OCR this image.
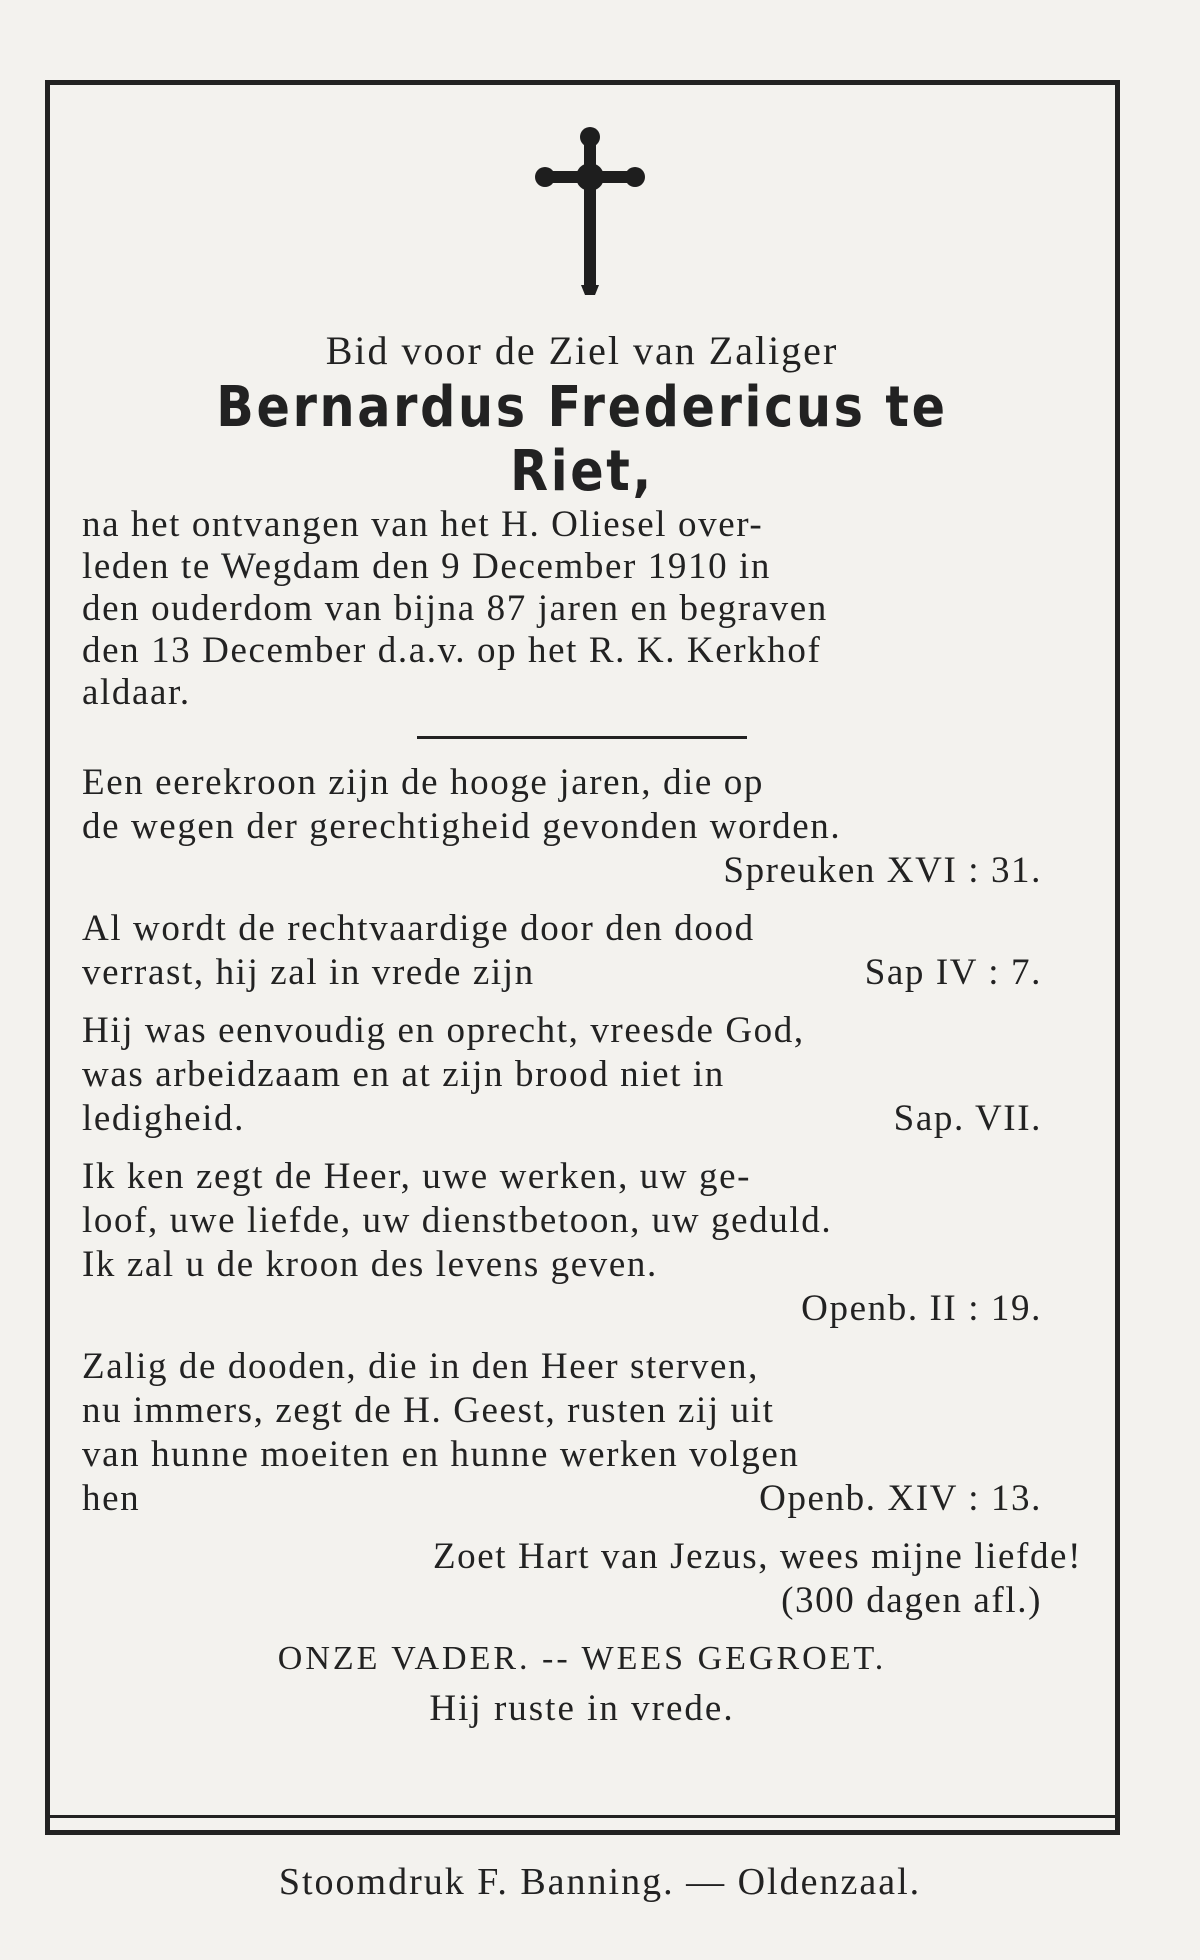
Bid voor de Ziel van Zaliger

Bernardus Fredericus te Riet,

na het ontvangen van het H. Oliesel over-
leden te Wegdam den 9 December 1910 in
den ouderdom van bijna 87 jaren en begraven
den 13 December d.a.v. op het R. K. Kerkhof
aldaar.
Een eerekroon zijn de hooge jaren, die op
de wegen der gerechtigheid gevonden worden.
Spreuken XVI : 31.
Al wordt de rechtvaardige door den dood
verrast, hij zal in vrede zijn	Sap IV : 7.
Hij was eenvoudig en oprecht, vreesde God,
was arbeidzaam en at zijn brood niet in
ledigheid.	Sap. VII.
Ik ken zegt de Heer, uwe werken, uw ge-
loof, uwe liefde, uw dienstbetoon, uw geduld.
Ik zal u de kroon des levens geven.
Openb. II : 19.
Zalig de dooden, die in den Heer sterven,
nu immers, zegt de H. Geest, rusten zij uit
van hunne moeiten en hunne werken volgen
hen	Openb. XIV : 13.
Zoet Hart van Jezus, wees mijne liefde!
(300 dagen afl.)

ONZE VADER. -- WEES GEGROET.

Hij ruste in vrede.

Stoomdruk F. Banning. — Oldenzaal.
